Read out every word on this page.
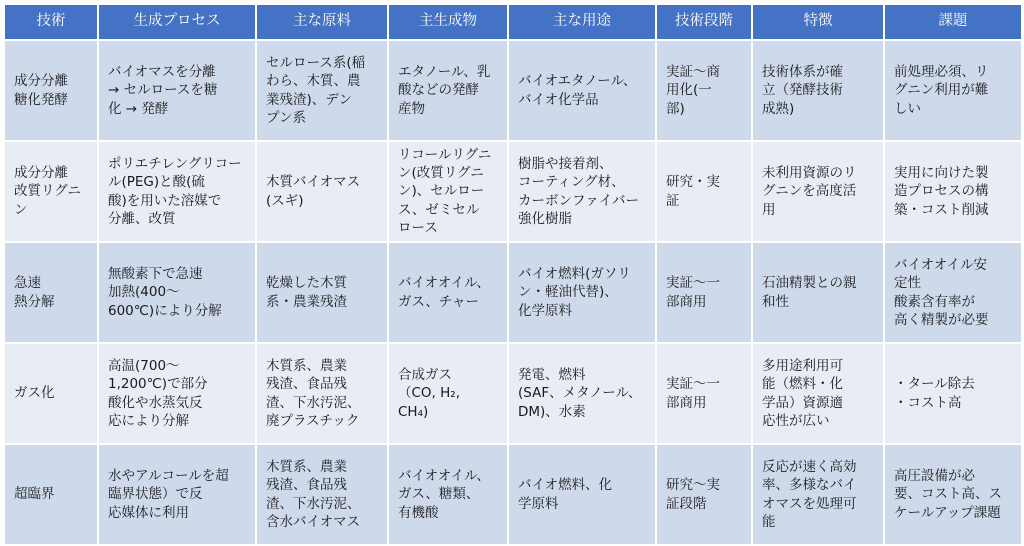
技術	生成プロセス	主な原料	主生成物	主な用途	技術段階	特徴	課題
成分分離
糖化発酵	バイオマスを分離
→ セルロースを糖
化 → 発酵	セルロース系(稲
わら、木質、農
業残渣)、デン
プン系	エタノール、乳
酸などの発酵
産物	バイオエタノール、
バイオ化学品	実証～商
用化(一
部)	技術体系が確
立（発酵技術
成熟)	前処理必須、リ
グニン利用が難
しい
成分分離
改質リグニ
ン	ポリエチレングリコー
ル(PEG)と酸(硫
酸)を用いた溶媒で
分離、改質	木質バイオマス
(スギ)	リコールリグニ
ン(改質リグニ
ン)、セルロー
ス、ゼミセル
ロース	樹脂や接着剤、
コーティング材、
カーボンファイバー
強化樹脂	研究・実
証	未利用資源のリ
グニンを高度活
用	実用に向けた製
造プロセスの構
築・コスト削減
急速
熱分解	無酸素下で急速
加熱(400～
600℃)により分解	乾燥した木質
系・農業残渣	バイオオイル、
ガス、チャー	バイオ燃料(ガソリ
ン・軽油代替)、
化学原料	実証～一
部商用	石油精製との親
和性	バイオオイル安
定性
酸素含有率が
高く精製が必要
ガス化	高温(700～
1,200℃)で部分
酸化や水蒸気反
応により分解	木質系、農業
残渣、食品残
渣、下水汚泥、
廃プラスチック	合成ガス
（CO, H₂,
CH₄)	発電、燃料
(SAF、メタノール、
DM)、水素	実証～一
部商用	多用途利用可
能（燃料・化
学品）資源適
応性が広い	・タール除去
・コスト高
超臨界	水やアルコールを超
臨界状態）で反
応媒体に利用	木質系、農業
残渣、食品残
渣、下水汚泥、
含水バイオマス	バイオオイル、
ガス、糖類、
有機酸	バイオ燃料、化
学原料	研究～実
証段階	反応が速く高効
率、多様なバイ
オマスを処理可
能	高圧設備が必
要、コスト高、ス
ケールアップ課題
